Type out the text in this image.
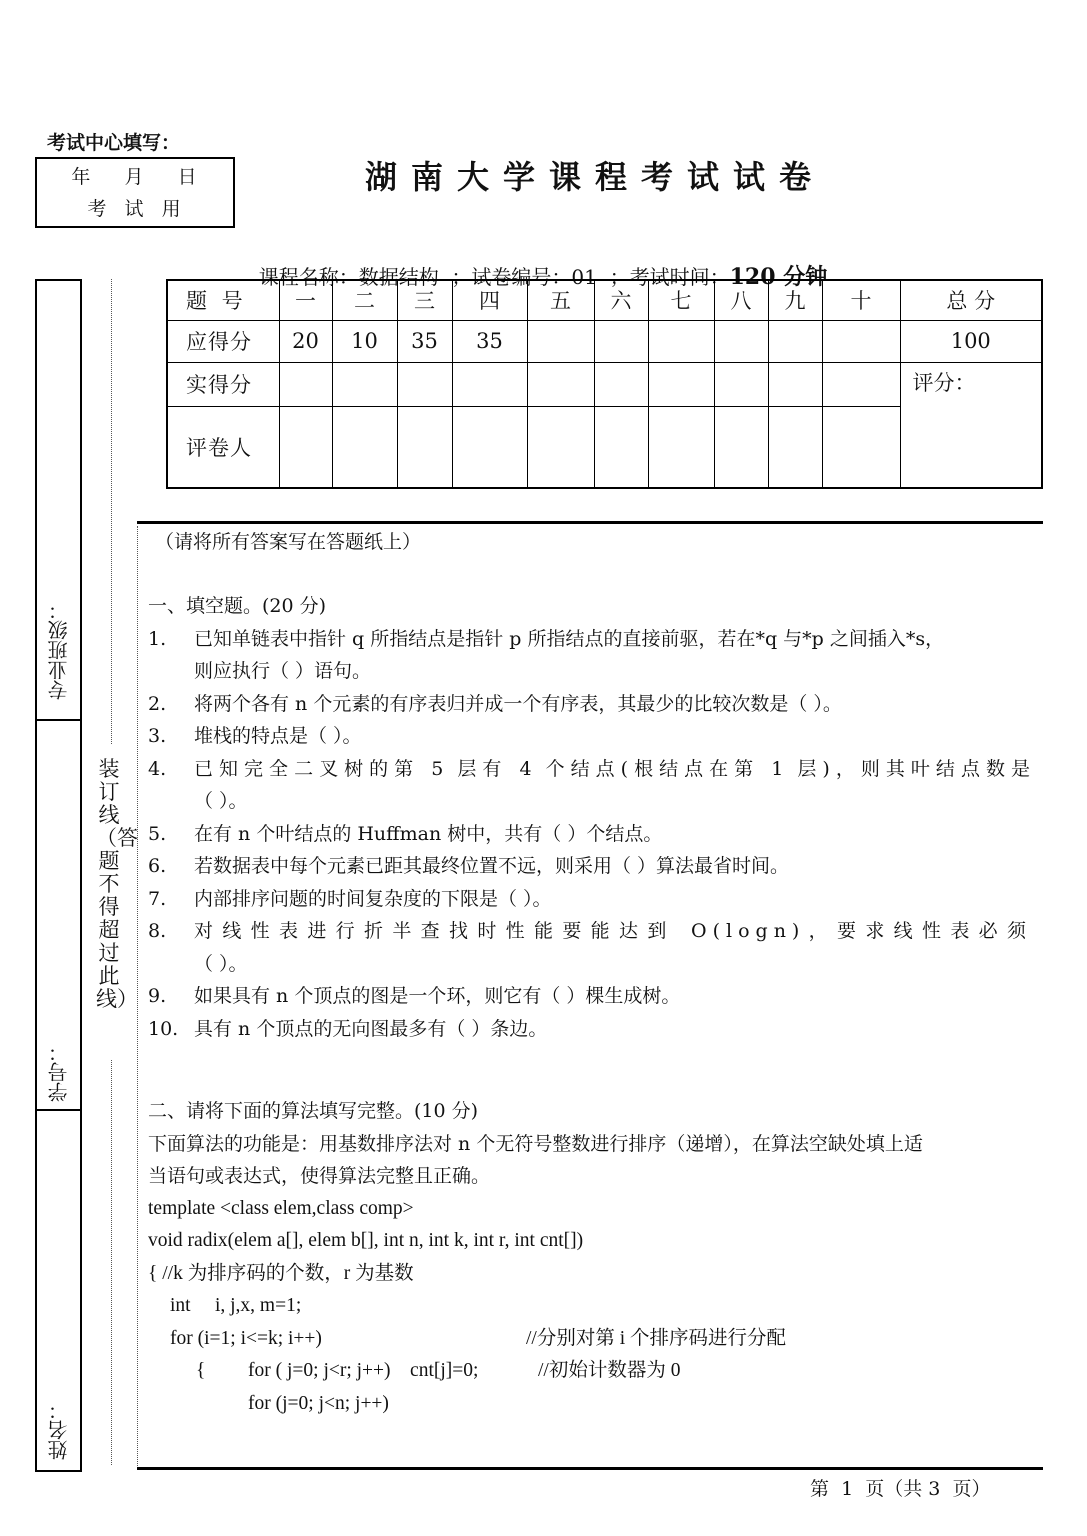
考试中心填写：
年    月    日
考  试  用
湖南大学课程考试试卷

课程名称：数据结构  ；试卷编号：01  ；考试时间：120 分钟

题 号	一	二	三	四	五	六	七	八	九	十	总 分
应得分	20	10	35	35							100
实得分											评分：
评卷人											
专业班级：
学号：
姓名：
装订线（答题不得超过此线）
（请将所有答案写在答题纸上）
一、填空题。(20 分)
1. 已知单链表中指针 q 所指结点是指针 p 所指结点的直接前驱，若在*q 与*p 之间插入*s，
则应执行（ ）语句。
2. 将两个各有 n 个元素的有序表归并成一个有序表，其最少的比较次数是（ ）。
3. 堆栈的特点是（ ）。
4.	已知完全二叉树的第 5 层有 4 个结点(根结点在第 1 层)，则其叶结点数是
（ ）。
5. 在有 n 个叶结点的 Huffman 树中，共有（ ）个结点。
6. 若数据表中每个元素已距其最终位置不远，则采用（ ）算法最省时间。
7. 内部排序问题的时间复杂度的下限是（ ）。
8.	对线性表进行折半查找时性能要能达到 O(logn)，要求线性表必须
（ ）。
9. 如果具有 n 个顶点的图是一个环，则它有（ ）棵生成树。
10. 具有 n 个顶点的无向图最多有（ ）条边。
二、请将下面的算法填写完整。(10 分)
下面算法的功能是：用基数排序法对 n 个无符号整数进行排序（递增），在算法空缺处填上适
当语句或表达式，使得算法完整且正确。
template <class elem,class comp>
void radix(elem a[], elem b[], int n, int k, int r, int cnt[])
{ //k 为排序码的个数，r 为基数
int     i, j,x, m=1;
for (i=1; i<=k; i++)	//分别对第 i 个排序码进行分配
{ for ( j=0; j<r; j++)    cnt[j]=0;	//初始计数器为 0
for (j=0; j<n; j++)
第  1  页（共 3  页）
